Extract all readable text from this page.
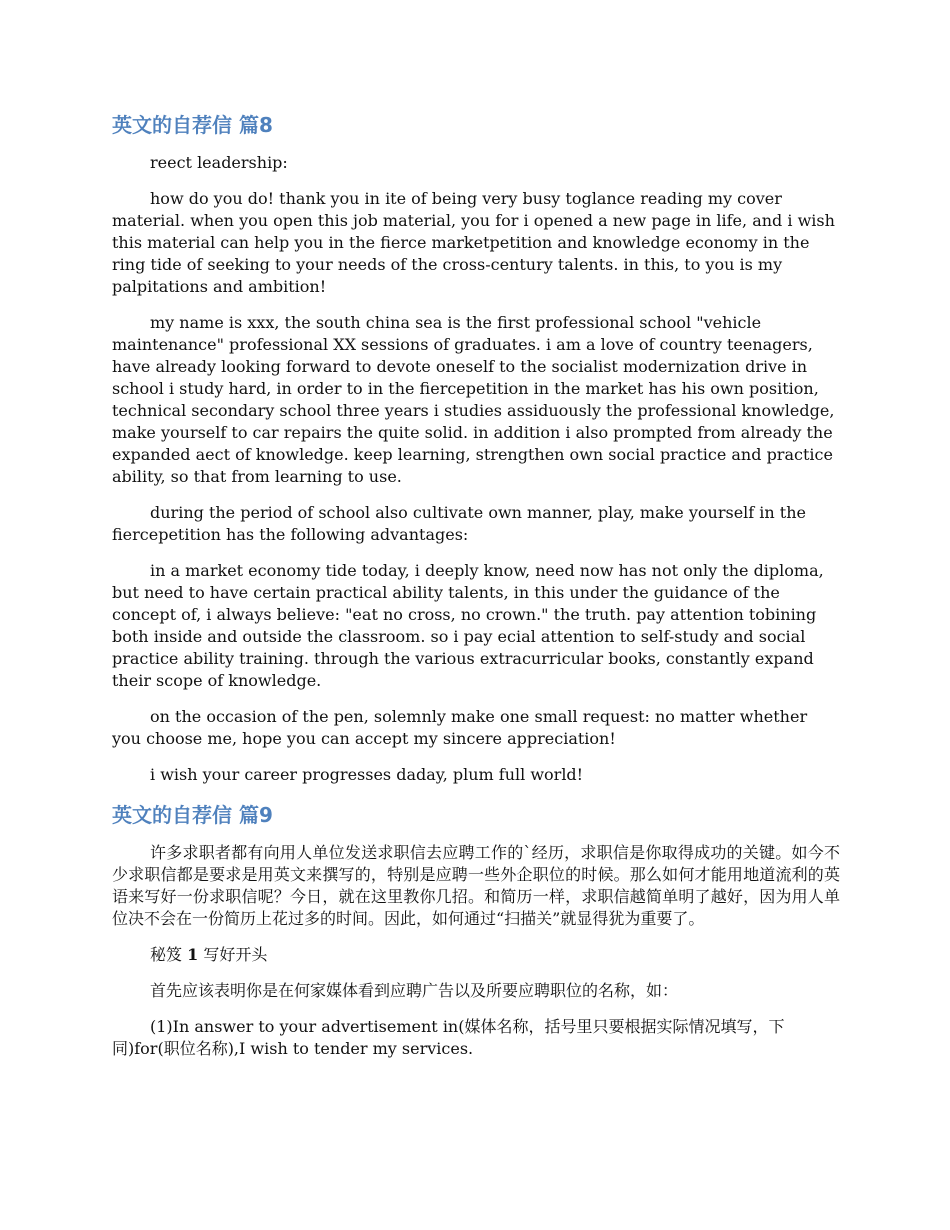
英文的自荐信 篇8

reect leadership:

how do you do! thank you in ite of being very busy toglance reading my cover material. when you open this job material, you for i opened a new page in life, and i wish this material can help you in the fierce marketpetition and knowledge economy in the ring tide of seeking to your needs of the cross-century talents. in this, to you is my palpitations and ambition!

my name is xxx, the south china sea is the first professional school "vehicle maintenance" professional XX sessions of graduates. i am a love of country teenagers, have already looking forward to devote oneself to the socialist modernization drive in school i study hard, in order to in the fiercepetition in the market has his own position, technical secondary school three years i studies assiduously the professional knowledge, make yourself to car repairs the quite solid. in addition i also prompted from already the expanded aect of knowledge. keep learning, strengthen own social practice and practice ability, so that from learning to use.

during the period of school also cultivate own manner, play, make yourself in the fiercepetition has the following advantages:

in a market economy tide today, i deeply know, need now has not only the diploma, but need to have certain practical ability talents, in this under the guidance of the concept of, i always believe: "eat no cross, no crown." the truth. pay attention tobining both inside and outside the classroom. so i pay ecial attention to self-study and social practice ability training. through the various extracurricular books, constantly expand their scope of knowledge.

on the occasion of the pen, solemnly make one small request: no matter whether you choose me, hope you can accept my sincere appreciation!

i wish your career progresses daday, plum full world!

英文的自荐信 篇9

许多求职者都有向用人单位发送求职信去应聘工作的`经历，求职信是你取得成功的关键。如今不少求职信都是要求是用英文来撰写的，特别是应聘一些外企职位的时候。那么如何才能用地道流利的英语来写好一份求职信呢？今日，就在这里教你几招。和简历一样，求职信越简单明了越好，因为用人单位决不会在一份简历上花过多的时间。因此，如何通过“扫描关”就显得犹为重要了。

秘笈 1 写好开头

首先应该表明你是在何家媒体看到应聘广告以及所要应聘职位的名称，如：

(1)In answer to your advertisement in(媒体名称，括号里只要根据实际情况填写，下同)for(职位名称),I wish to tender my services.
